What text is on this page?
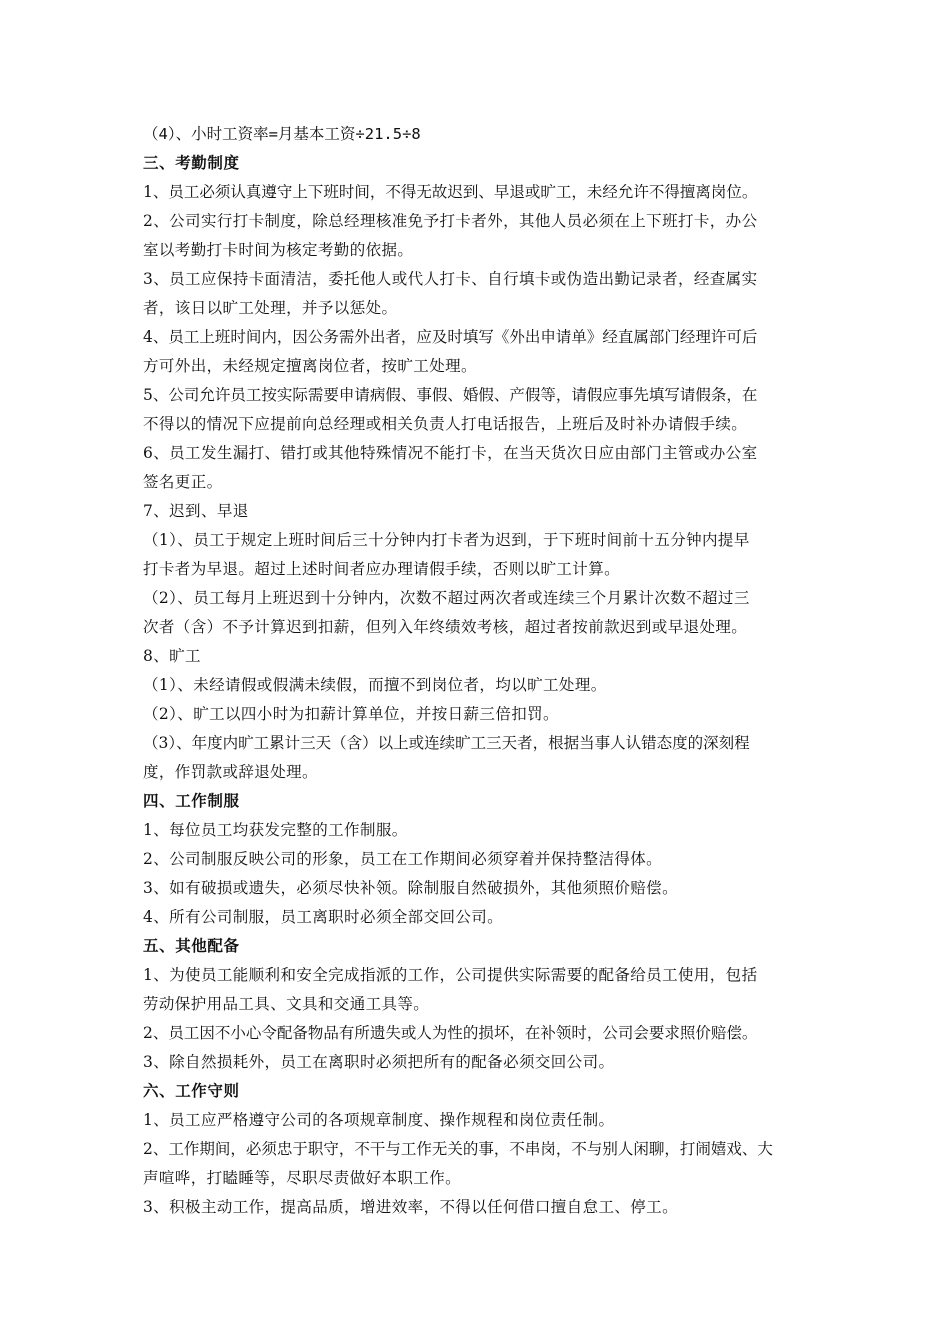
（4）、小时工资率=月基本工资÷21.5÷8
三、考勤制度
1、员工必须认真遵守上下班时间，不得无故迟到、早退或旷工，未经允许不得擅离岗位。
2、公司实行打卡制度，除总经理核准免予打卡者外，其他人员必须在上下班打卡，办公
室以考勤打卡时间为核定考勤的依据。
3、员工应保持卡面清洁，委托他人或代人打卡、自行填卡或伪造出勤记录者，经查属实
者，该日以旷工处理，并予以惩处。
4、员工上班时间内，因公务需外出者，应及时填写《外出申请单》经直属部门经理许可后
方可外出，未经规定擅离岗位者，按旷工处理。
5、公司允许员工按实际需要申请病假、事假、婚假、产假等，请假应事先填写请假条，在
不得以的情况下应提前向总经理或相关负责人打电话报告，上班后及时补办请假手续。
6、员工发生漏打、错打或其他特殊情况不能打卡，在当天货次日应由部门主管或办公室
签名更正。
7、迟到、早退
（1）、员工于规定上班时间后三十分钟内打卡者为迟到，于下班时间前十五分钟内提早
打卡者为早退。超过上述时间者应办理请假手续，否则以旷工计算。
（2）、员工每月上班迟到十分钟内，次数不超过两次者或连续三个月累计次数不超过三
次者（含）不予计算迟到扣薪，但列入年终绩效考核，超过者按前款迟到或早退处理。
8、旷工
（1）、未经请假或假满未续假，而擅不到岗位者，均以旷工处理。
（2）、旷工以四小时为扣薪计算单位，并按日薪三倍扣罚。
（3）、年度内旷工累计三天（含）以上或连续旷工三天者，根据当事人认错态度的深刻程
度，作罚款或辞退处理。
四、工作制服
1、每位员工均获发完整的工作制服。
2、公司制服反映公司的形象，员工在工作期间必须穿着并保持整洁得体。
3、如有破损或遗失，必须尽快补领。除制服自然破损外，其他须照价赔偿。
4、所有公司制服，员工离职时必须全部交回公司。
五、其他配备
1、为使员工能顺利和安全完成指派的工作，公司提供实际需要的配备给员工使用，包括
劳动保护用品工具、文具和交通工具等。
2、员工因不小心令配备物品有所遗失或人为性的损坏，在补领时，公司会要求照价赔偿。
3、除自然损耗外，员工在离职时必须把所有的配备必须交回公司。
六、工作守则
1、员工应严格遵守公司的各项规章制度、操作规程和岗位责任制。
2、工作期间，必须忠于职守，不干与工作无关的事，不串岗，不与别人闲聊，打闹嬉戏、大
声喧哗，打瞌睡等，尽职尽责做好本职工作。
3、积极主动工作，提高品质，增进效率，不得以任何借口擅自怠工、停工。
